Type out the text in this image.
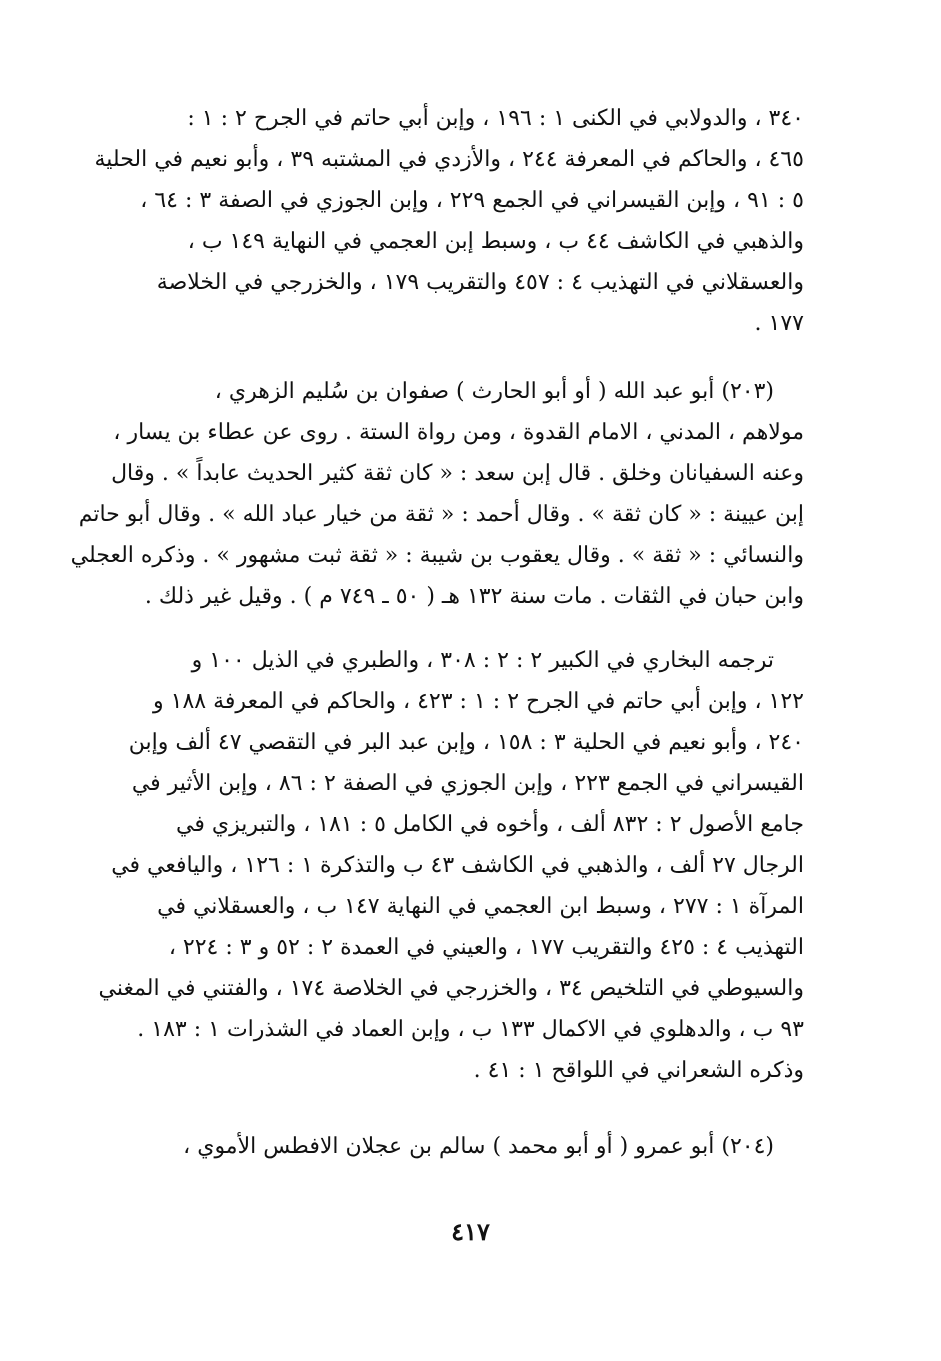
٣٤٠ ، والدولابي في الكنى ١ : ١٩٦ ، وإبن أبي حاتم في الجرح ٢ : ١ :
٤٦٥ ، والحاكم في المعرفة ٢٤٤ ، والأزدي في المشتبه ٣٩ ، وأبو نعيم في الحلية
٥ : ٩١ ، وإبن القيسراني في الجمع ٢٢٩ ، وإبن الجوزي في الصفة ٣ : ٦٤ ،
والذهبي في الكاشف ٤٤ ب ، وسبط إبن العجمي في النهاية ١٤٩ ب ،
والعسقلاني في التهذيب ٤ : ٤٥٧ والتقريب ١٧٩ ، والخزرجي في الخلاصة
١٧٧ .
(٢٠٣) أبو عبد الله ( أو أبو الحارث ) صفوان بن سُليم الزهري ،
مولاهم ، المدني ، الامام القدوة ، ومن رواة الستة . روى عن عطاء بن يسار ،
وعنه السفيانان وخلق . قال إبن سعد : « كان ثقة كثير الحديث عابداً » . وقال
إبن عيينة : « كان ثقة » . وقال أحمد : « ثقة من خيار عباد الله » . وقال أبو حاتم
والنسائي : « ثقة » . وقال يعقوب بن شيبة : « ثقة ثبت مشهور » . وذكره العجلي
وابن حبان في الثقات . مات سنة ١٣٢ هـ ( ٥٠ ـ ٧٤٩ م ) . وقيل غير ذلك .
ترجمه البخاري في الكبير ٢ : ٢ : ٣٠٨ ، والطبري في الذيل ١٠٠ و
١٢٢ ، وإبن أبي حاتم في الجرح ٢ : ١ : ٤٢٣ ، والحاكم في المعرفة ١٨٨ و
٢٤٠ ، وأبو نعيم في الحلية ٣ : ١٥٨ ، وإبن عبد البر في التقصي ٤٧ ألف وإبن
القيسراني في الجمع ٢٢٣ ، وإبن الجوزي في الصفة ٢ : ٨٦ ، وإبن الأثير في
جامع الأصول ٢ : ٨٣٢ ألف ، وأخوه في الكامل ٥ : ١٨١ ، والتبريزي في
الرجال ٢٧ ألف ، والذهبي في الكاشف ٤٣ ب والتذكرة ١ : ١٢٦ ، واليافعي في
المرآة ١ : ٢٧٧ ، وسبط ابن العجمي في النهاية ١٤٧ ب ، والعسقلاني في
التهذيب ٤ : ٤٢٥ والتقريب ١٧٧ ، والعيني في العمدة ٢ : ٥٢ و ٣ : ٢٢٤ ،
والسيوطي في التلخيص ٣٤ ، والخزرجي في الخلاصة ١٧٤ ، والفتني في المغني
٩٣ ب ، والدهلوي في الاكمال ١٣٣ ب ، وإبن العماد في الشذرات ١ : ١٨٣ .
وذكره الشعراني في اللواقح ١ : ٤١ .
(٢٠٤) أبو عمرو ( أو أبو محمد ) سالم بن عجلان الافطس الأموي ،
٤١٧
